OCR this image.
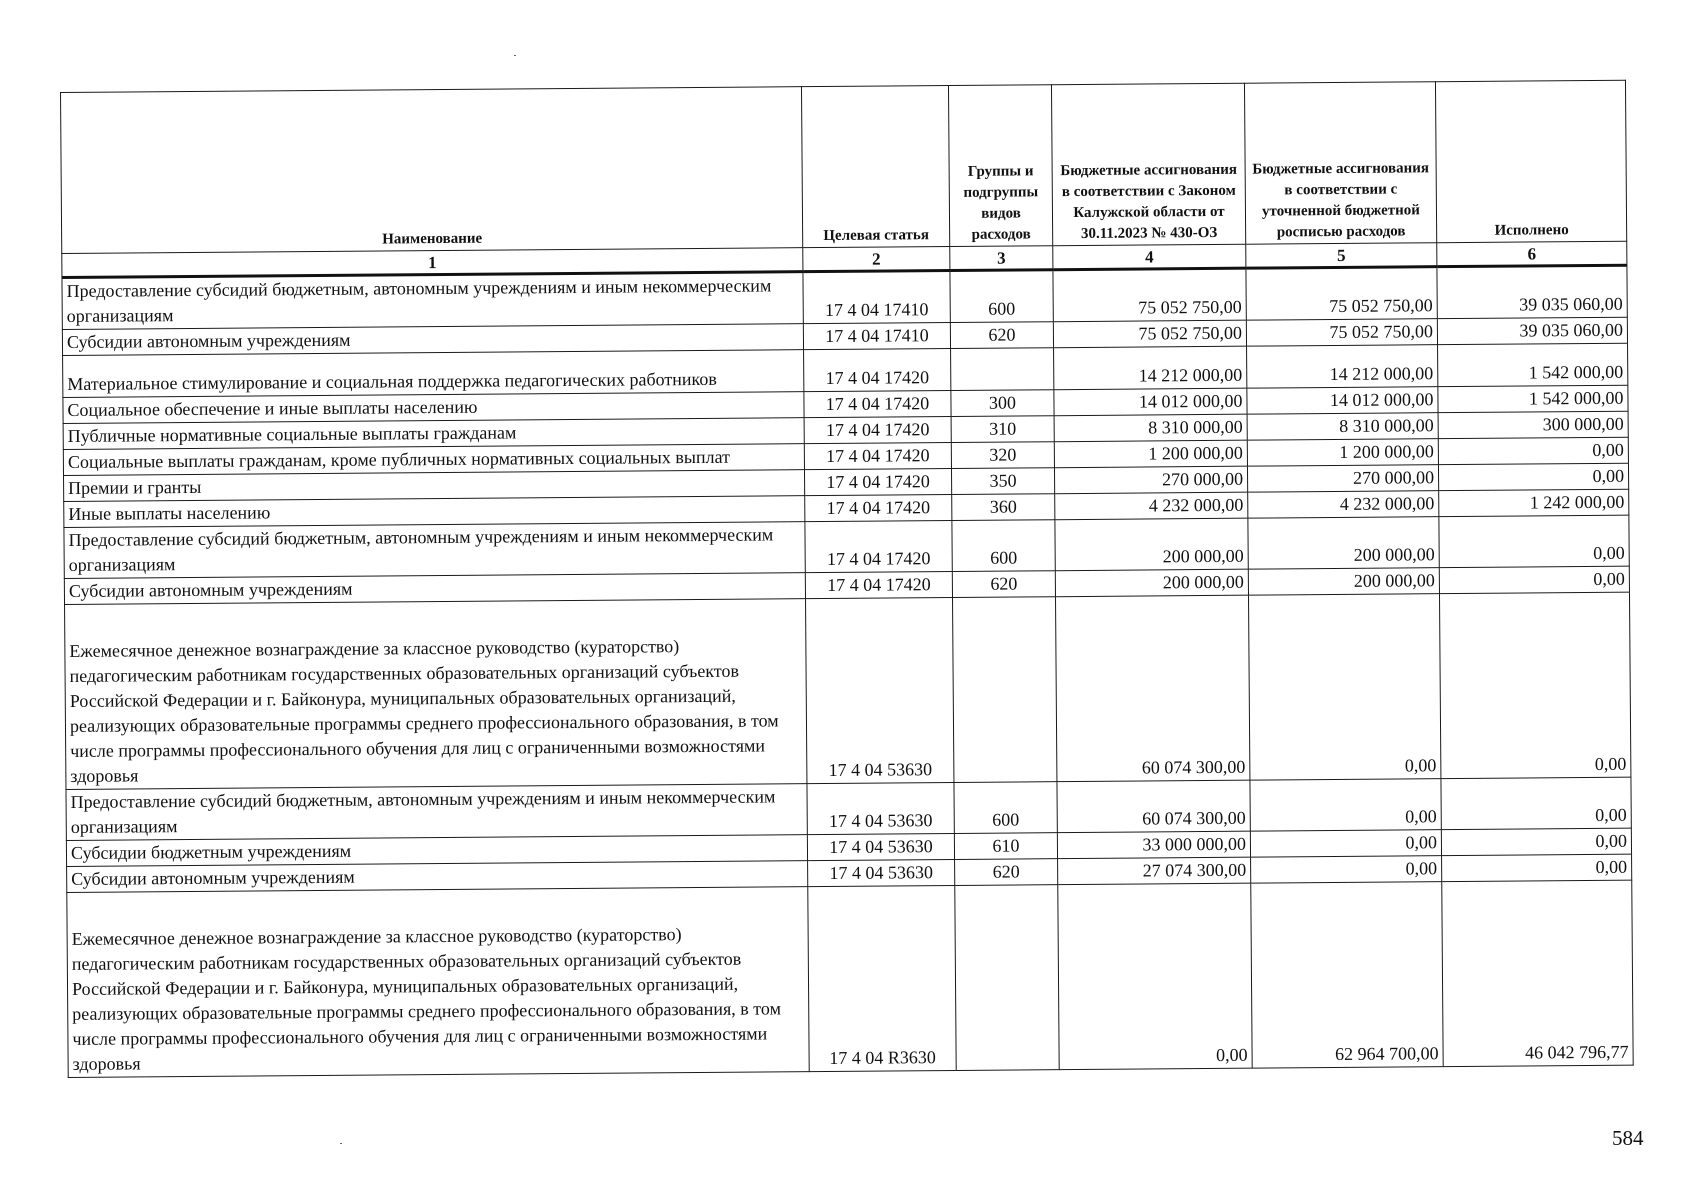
Наименование	Целевая статья	Группы и подгруппы видов расходов	Бюджетные ассигнования в соответствии с Законом Калужской области от 30.11.2023 № 430-ОЗ	Бюджетные ассигнования в соответствии с уточненной бюджетной росписью расходов	Исполнено
1	2	3	4	5	6
Предоставление субсидий бюджетным, автономным учреждениям и иным некоммерческим организациям	17 4 04 17410	600	75 052 750,00	75 052 750,00	39 035 060,00
Субсидии автономным учреждениям	17 4 04 17410	620	75 052 750,00	75 052 750,00	39 035 060,00
Материальное стимулирование и социальная поддержка педагогических работников	17 4 04 17420		14 212 000,00	14 212 000,00	1 542 000,00
Социальное обеспечение и иные выплаты населению	17 4 04 17420	300	14 012 000,00	14 012 000,00	1 542 000,00
Публичные нормативные социальные выплаты гражданам	17 4 04 17420	310	8 310 000,00	8 310 000,00	300 000,00
Социальные выплаты гражданам, кроме публичных нормативных социальных выплат	17 4 04 17420	320	1 200 000,00	1 200 000,00	0,00
Премии и гранты	17 4 04 17420	350	270 000,00	270 000,00	0,00
Иные выплаты населению	17 4 04 17420	360	4 232 000,00	4 232 000,00	1 242 000,00
Предоставление субсидий бюджетным, автономным учреждениям и иным некоммерческим организациям	17 4 04 17420	600	200 000,00	200 000,00	0,00
Субсидии автономным учреждениям	17 4 04 17420	620	200 000,00	200 000,00	0,00
Ежемесячное денежное вознаграждение за классное руководство (кураторство) педагогическим работникам государственных образовательных организаций субъектов Российской Федерации и г. Байконура, муниципальных образовательных организаций, реализующих образовательные программы среднего профессионального образования, в том числе программы профессионального обучения для лиц с ограниченными возможностями здоровья	17 4 04 53630		60 074 300,00	0,00	0,00
Предоставление субсидий бюджетным, автономным учреждениям и иным некоммерческим организациям	17 4 04 53630	600	60 074 300,00	0,00	0,00
Субсидии бюджетным учреждениям	17 4 04 53630	610	33 000 000,00	0,00	0,00
Субсидии автономным учреждениям	17 4 04 53630	620	27 074 300,00	0,00	0,00
Ежемесячное денежное вознаграждение за классное руководство (кураторство) педагогическим работникам государственных образовательных организаций субъектов Российской Федерации и г. Байконура, муниципальных образовательных организаций, реализующих образовательные программы среднего профессионального образования, в том числе программы профессионального обучения для лиц с ограниченными возможностями здоровья	17 4 04 R3630		0,00	62 964 700,00	46 042 796,77
584
